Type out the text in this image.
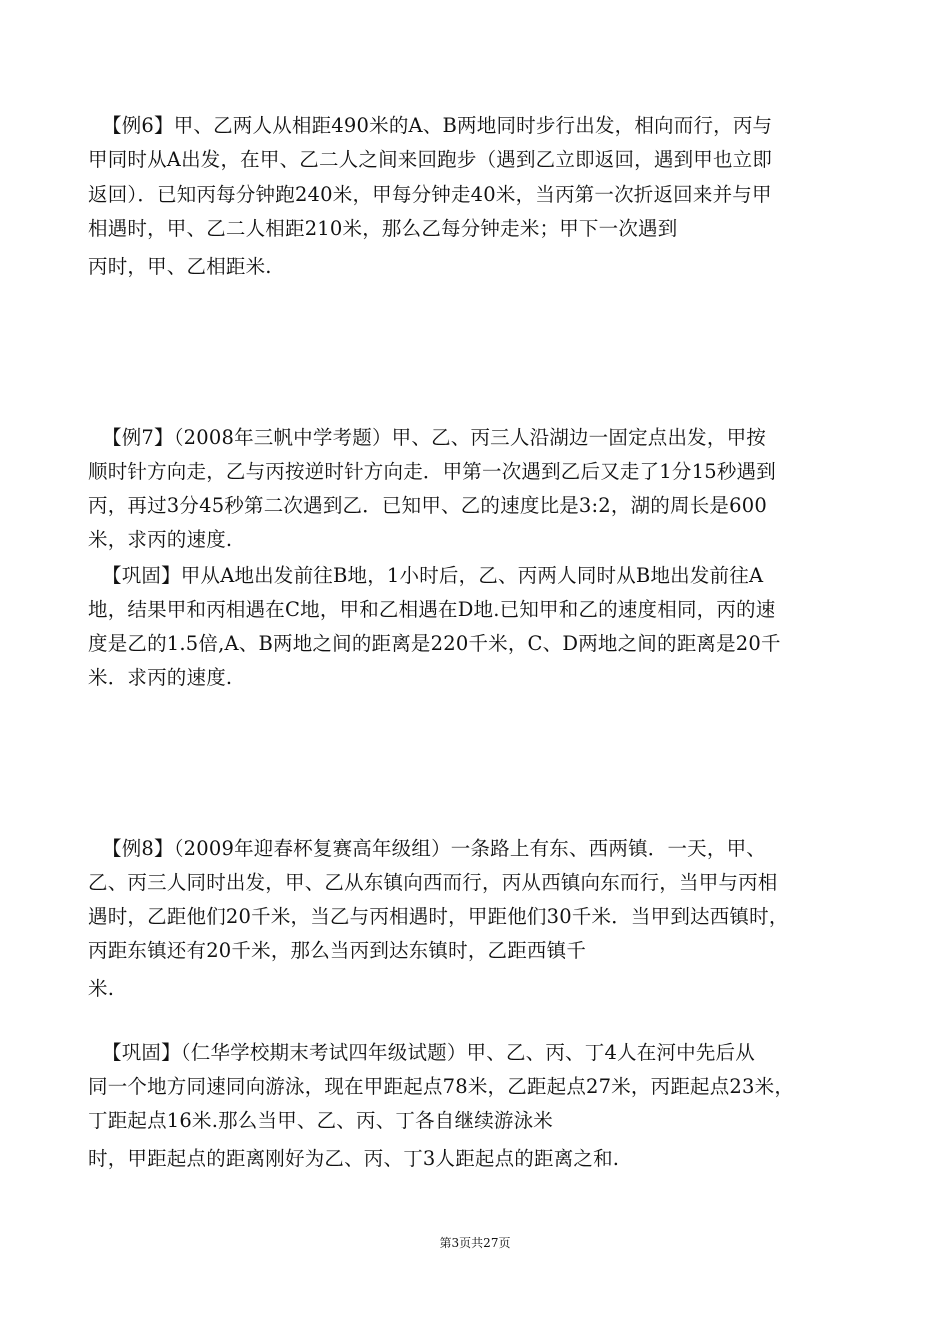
【例6】甲、乙两人从相距490米的A、B两地同时步行出发，相向而行，丙与
甲同时从A出发，在甲、乙二人之间来回跑步（遇到乙立即返回，遇到甲也立即
返回）．已知丙每分钟跑240米，甲每分钟走40米，当丙第一次折返回来并与甲
相遇时，甲、乙二人相距210米，那么乙每分钟走米；甲下一次遇到
丙时，甲、乙相距米.
【例7】（2008年三帆中学考题）甲、乙、丙三人沿湖边一固定点出发，甲按
顺时针方向走，乙与丙按逆时针方向走．甲第一次遇到乙后又走了1分15秒遇到
丙，再过3分45秒第二次遇到乙．已知甲、乙的速度比是3:2，湖的周长是600
米，求丙的速度.
【巩固】甲从A地出发前往B地，1小时后，乙、丙两人同时从B地出发前往A
地，结果甲和丙相遇在C地，甲和乙相遇在D地.已知甲和乙的速度相同，丙的速
度是乙的1.5倍,A、B两地之间的距离是220千米，C、D两地之间的距离是20千
米．求丙的速度.
【例8】（2009年迎春杯复赛高年级组）一条路上有东、西两镇．一天，甲、
乙、丙三人同时出发，甲、乙从东镇向西而行，丙从西镇向东而行，当甲与丙相
遇时，乙距他们20千米，当乙与丙相遇时，甲距他们30千米．当甲到达西镇时，
丙距东镇还有20千米，那么当丙到达东镇时，乙距西镇千
米.
【巩固】（仁华学校期末考试四年级试题）甲、乙、丙、丁4人在河中先后从
同一个地方同速同向游泳，现在甲距起点78米，乙距起点27米，丙距起点23米，
丁距起点16米.那么当甲、乙、丙、丁各自继续游泳米
时，甲距起点的距离刚好为乙、丙、丁3人距起点的距离之和.
第3页共27页
